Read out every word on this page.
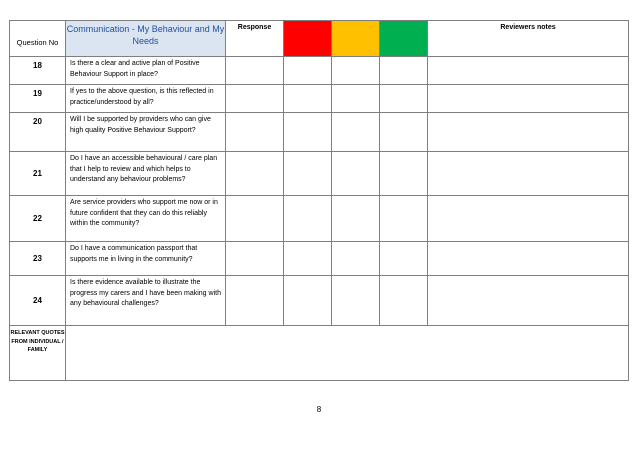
Question No	Communication - My Behaviour and My Needs	Response				Reviewers notes
18	Is there a clear and active plan of Positive Behaviour Support in place?					
19	If yes to the above question, is this reflected in practice/understood by all?					
20	Will I be supported by providers who can give high quality Positive Behaviour Support?					
21	Do I have an accessible behavioural / care plan that I help to review and which helps to understand any behaviour problems?					
22	Are service providers who support me now or in future confident that they can do this reliably within the community?					
23	Do I have a communication passport that supports me in living in the community?					
24	Is there evidence available to illustrate the progress my carers and I have been making with any behavioural challenges?					
RELEVANT QUOTES FROM INDIVIDUAL / FAMILY						
8
